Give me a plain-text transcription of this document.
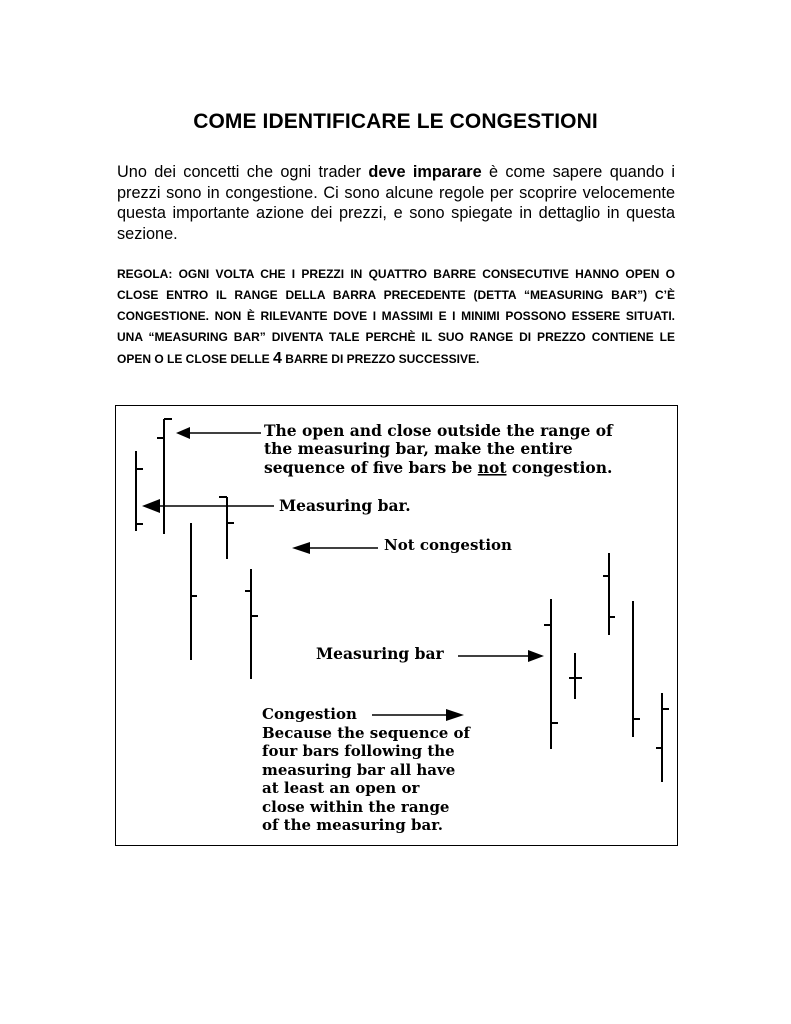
COME IDENTIFICARE LE CONGESTIONI
Uno dei concetti che ogni trader deve imparare è come sapere quando i prezzi sono in congestione. Ci sono alcune regole per scoprire velocemente questa importante azione dei prezzi, e sono spiegate in dettaglio in questa sezione.
REGOLA: OGNI VOLTA CHE I PREZZI IN QUATTRO BARRE CONSECUTIVE HANNO OPEN O CLOSE ENTRO IL RANGE DELLA BARRA PRECEDENTE (DETTA “MEASURING BAR”) C’È CONGESTIONE. NON È RILEVANTE DOVE I MASSIMI E I MINIMI POSSONO ESSERE SITUATI. UNA “MEASURING BAR” DIVENTA TALE PERCHÈ IL SUO RANGE DI PREZZO CONTIENE LE OPEN O LE CLOSE DELLE 4 BARRE DI PREZZO SUCCESSIVE.
The open and close outside the range of
the measuring bar, make the entire
sequence of five bars be not congestion.
Measuring bar.
Not congestion
Measuring bar
Congestion
Because the sequence of
four bars following the
measuring bar all have
at least an open or
close within the range
of the measuring bar.
